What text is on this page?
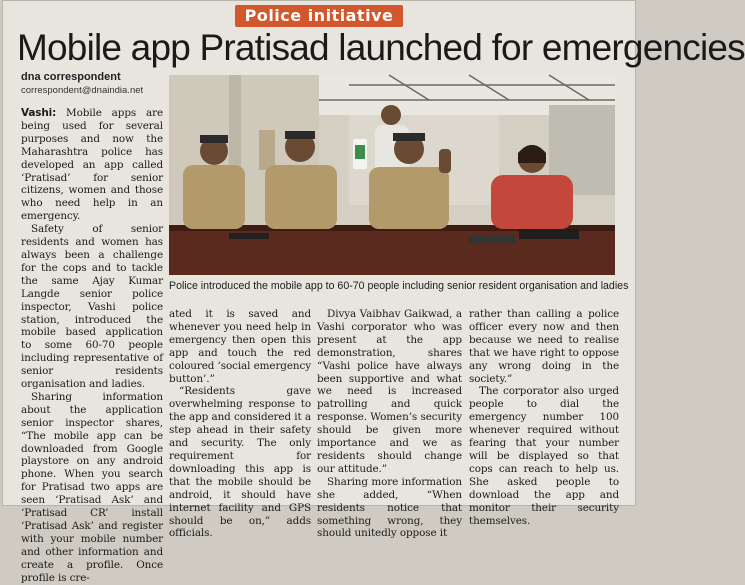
Police initiative
Mobile app Pratisad launched for emergencies
dna correspondent
correspondent@dnaindia.net
Police introduced the mobile app to 60-70 people including senior resident organisation and ladies

Vashi: Mobile apps are being used for several purposes and now the Maharashtra police has developed an app called ‘Pratisad’ for senior citizens, women and those who need help in an emergency.

Safety of senior residents and women has always been a challenge for the cops and to tackle the same Ajay Kumar Langde senior police inspector, Vashi police station, introduced the mobile based application to some 60-70 people including representative of senior residents organisation and ladies.

Sharing information about the application senior inspector shares, “The mobile app can be downloaded from Google playstore on any android phone. When you search for Pratisad two apps are seen ‘Pratisad Ask’ and ‘Pratisad CR’ install ‘Pratisad Ask’ and register with your mobile number and other information and create a profile. Once profile is cre-

ated it is saved and whenever you need help in emergency then open this app and touch the red coloured ‘social emergency button’.”

“Residents gave overwhelming response to the app and considered it a step ahead in their safety and security. The only requirement for downloading this app is that the mobile should be android, it should have internet facility and GPS should be on,” adds officials.

Divya Vaibhav Gaikwad, a Vashi corporator who was present at the app demonstration, shares “Vashi police have always been supportive and what we need is increased patrolling and quick response. Women’s security should be given more importance and we as residents should change our attitude.”

Sharing more information she added, “When residents notice that something wrong, they should unitedly oppose it

rather than calling a police officer every now and then because we need to realise that we have right to oppose any wrong doing in the society.”

The corporator also urged people to dial the emergency number 100 whenever required without fearing that your number will be displayed so that cops can reach to help us. She asked people to download the app and monitor their security themselves.
